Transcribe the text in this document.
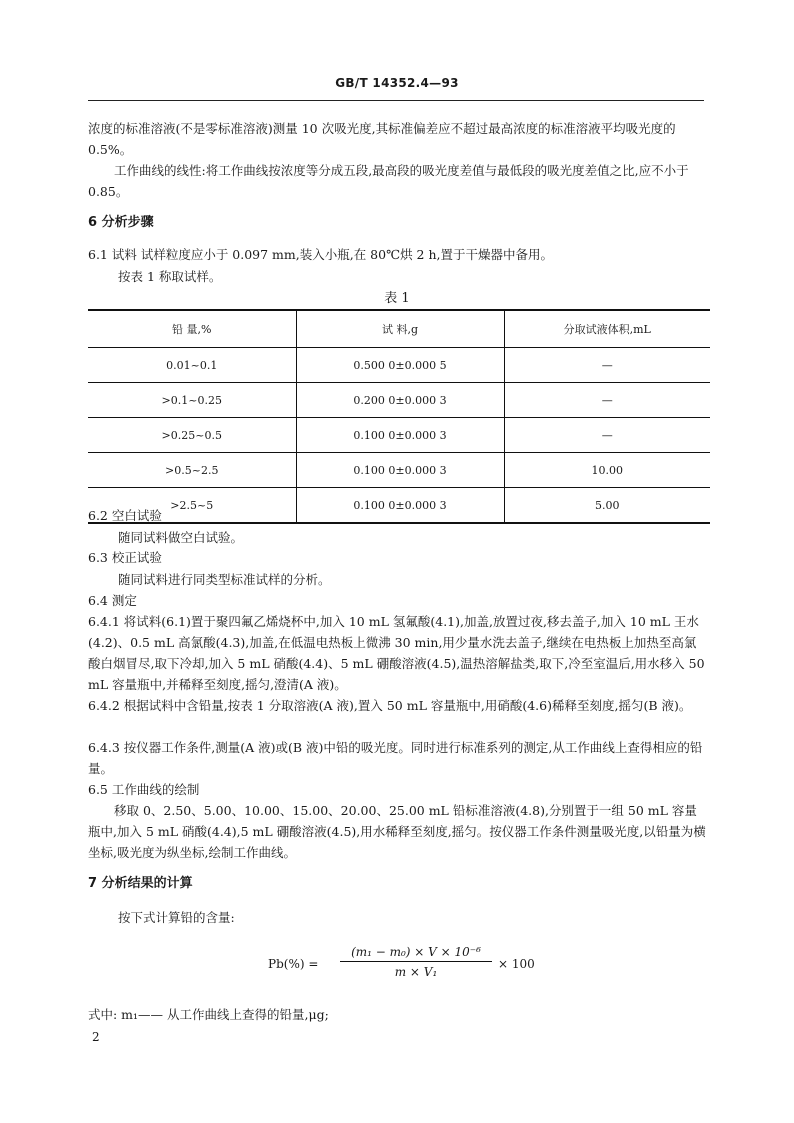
GB/T 14352.4—93
浓度的标准溶液(不是零标准溶液)测量 10 次吸光度,其标准偏差应不超过最高浓度的标准溶液平均吸光度的 0.5%。
工作曲线的线性:将工作曲线按浓度等分成五段,最高段的吸光度差值与最低段的吸光度差值之比,应不小于 0.85。
6 分析步骤
6.1 试料 试样粒度应小于 0.097 mm,装入小瓶,在 80℃烘 2 h,置于干燥器中备用。
按表 1 称取试样。
表 1
铅 量,%	试 料,g	分取试液体积,mL
0.01~0.1	0.500 0±0.000 5	—
>0.1~0.25	0.200 0±0.000 3	—
>0.25~0.5	0.100 0±0.000 3	—
>0.5~2.5	0.100 0±0.000 3	10.00
>2.5~5	0.100 0±0.000 3	5.00
6.2 空白试验
随同试料做空白试验。
6.3 校正试验
随同试料进行同类型标准试样的分析。
6.4 测定
6.4.1 将试料(6.1)置于聚四氟乙烯烧杯中,加入 10 mL 氢氟酸(4.1),加盖,放置过夜,移去盖子,加入 10 mL 王水(4.2)、0.5 mL 高氯酸(4.3),加盖,在低温电热板上微沸 30 min,用少量水洗去盖子,继续在电热板上加热至高氯酸白烟冒尽,取下冷却,加入 5 mL 硝酸(4.4)、5 mL 硼酸溶液(4.5),温热溶解盐类,取下,冷至室温后,用水移入 50 mL 容量瓶中,并稀释至刻度,摇匀,澄清(A 液)。
6.4.2 根据试料中含铅量,按表 1 分取溶液(A 液),置入 50 mL 容量瓶中,用硝酸(4.6)稀释至刻度,摇匀(B 液)。
6.4.3 按仪器工作条件,测量(A 液)或(B 液)中铅的吸光度。同时进行标准系列的测定,从工作曲线上查得相应的铅量。
6.5 工作曲线的绘制
移取 0、2.50、5.00、10.00、15.00、20.00、25.00 mL 铅标准溶液(4.8),分别置于一组 50 mL 容量瓶中,加入 5 mL 硝酸(4.4),5 mL 硼酸溶液(4.5),用水稀释至刻度,摇匀。按仪器工作条件测量吸光度,以铅量为横坐标,吸光度为纵坐标,绘制工作曲线。
7 分析结果的计算
按下式计算铅的含量:
$Pb(\%) = \frac{\text{(m₁ − m₀) × V × 10⁻⁶}}{\text{m × V₁}} \times 100$
式中: m₁—— 从工作曲线上查得的铅量,μg;
2
